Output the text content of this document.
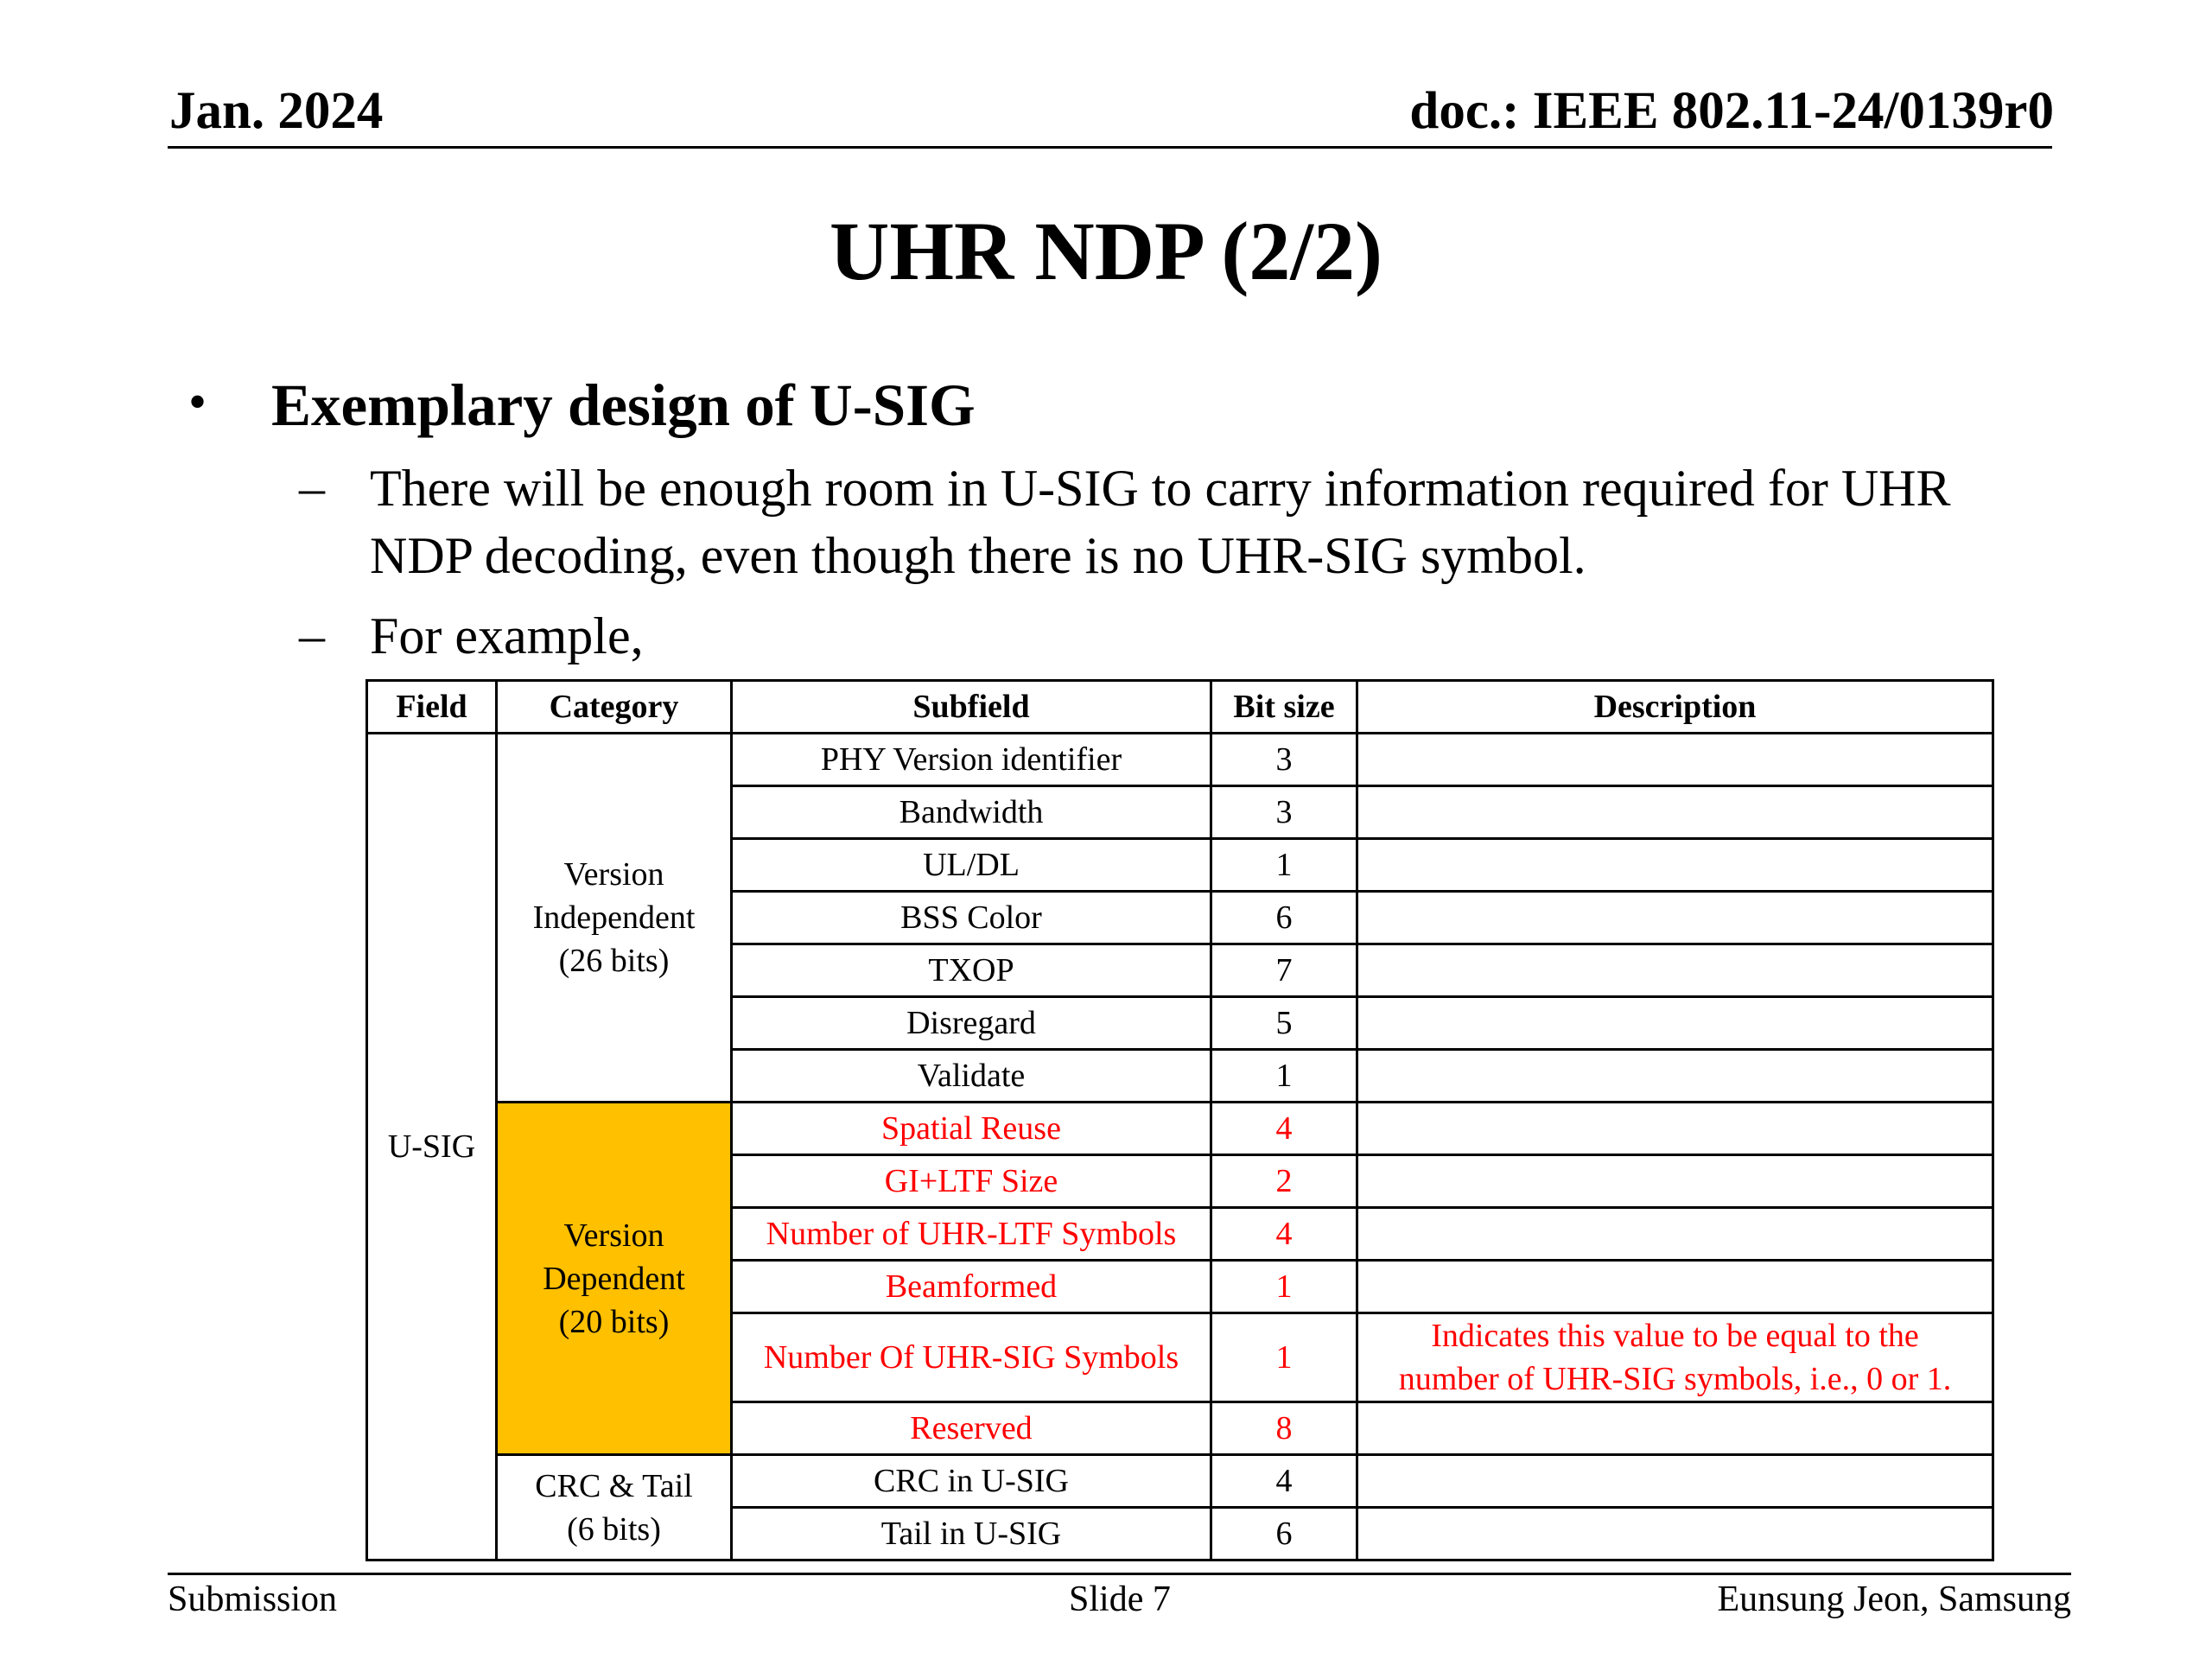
Jan. 2024	doc.: IEEE 802.11-24/0139r0
UHR NDP (2/2)
• Exemplary design of U-SIG
– There will be enough room in U-SIG to carry information required for UHR NDP decoding, even though there is no UHR-SIG symbol.
– For example,
Field	Category	Subfield	Bit size	Description
U-SIG	Version
Independent
(26 bits)	PHY Version identifier	3	
		Bandwidth	3	
		UL/DL	1	
		BSS Color	6	
		TXOP	7	
		Disregard	5	
		Validate	1	

	Version
Dependent
(20 bits)	Spatial Reuse	4	
		GI+LTF Size	2	
		Number of UHR-LTF Symbols	4	
		Beamformed	1	
		Number Of UHR-SIG Symbols	1	Indicates this value to be equal to the
number of UHR-SIG symbols, i.e., 0 or 1.

		Reserved	8	

	CRC & Tail
(6 bits)	CRC in U-SIG	4	
		Tail in U-SIG	6	
Submission	Slide 7	Eunsung Jeon, Samsung
